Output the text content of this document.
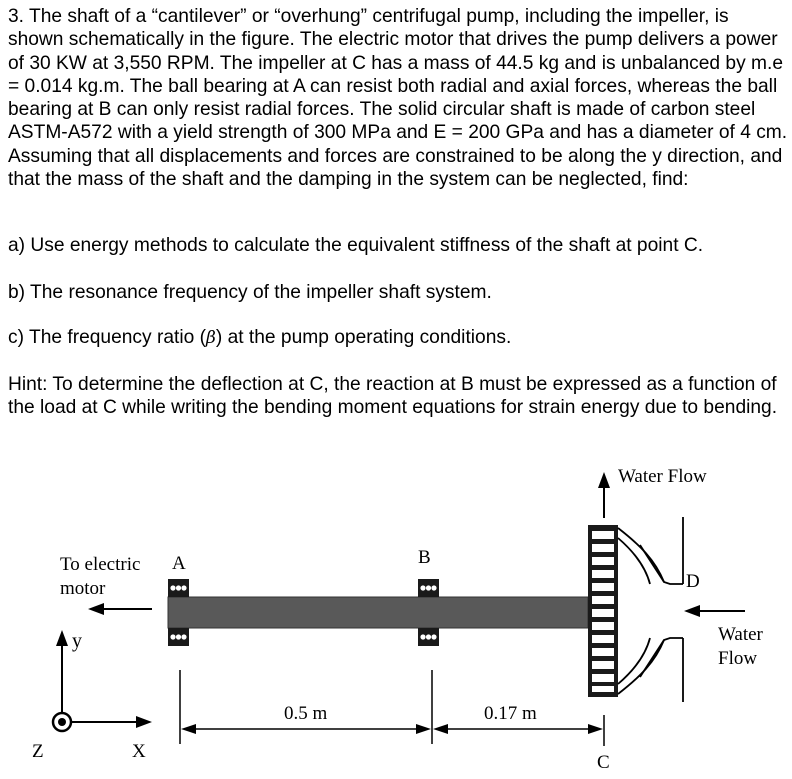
3. The shaft of a “cantilever” or “overhung” centrifugal pump, including the impeller, is shown schematically in the figure. The electric motor that drives the pump delivers a power of 30 KW at 3,550 RPM. The impeller at C has a mass of 44.5 kg and is unbalanced by m.e = 0.014 kg.m. The ball bearing at A can resist both radial and axial forces, whereas the ball bearing at B can only resist radial forces. The solid circular shaft is made of carbon steel ASTM-A572 with a yield strength of 300 MPa and E = 200 GPa and has a diameter of 4 cm. Assuming that all displacements and forces are constrained to be along the y direction, and that the mass of the shaft and the damping in the system can be neglected, find:

a) Use energy methods to calculate the equivalent stiffness of the shaft at point C.

b) The resonance frequency of the impeller shaft system.

c) The frequency ratio (β) at the pump operating conditions.

Hint: To determine the deflection at C, the reaction at B must be expressed as a function of the load at C while writing the bending moment equations for strain energy due to bending.

Water Flow
To electric
motor
A	B
D
C
Water
Flow
0.5 m	0.17 m
y
X
Z
